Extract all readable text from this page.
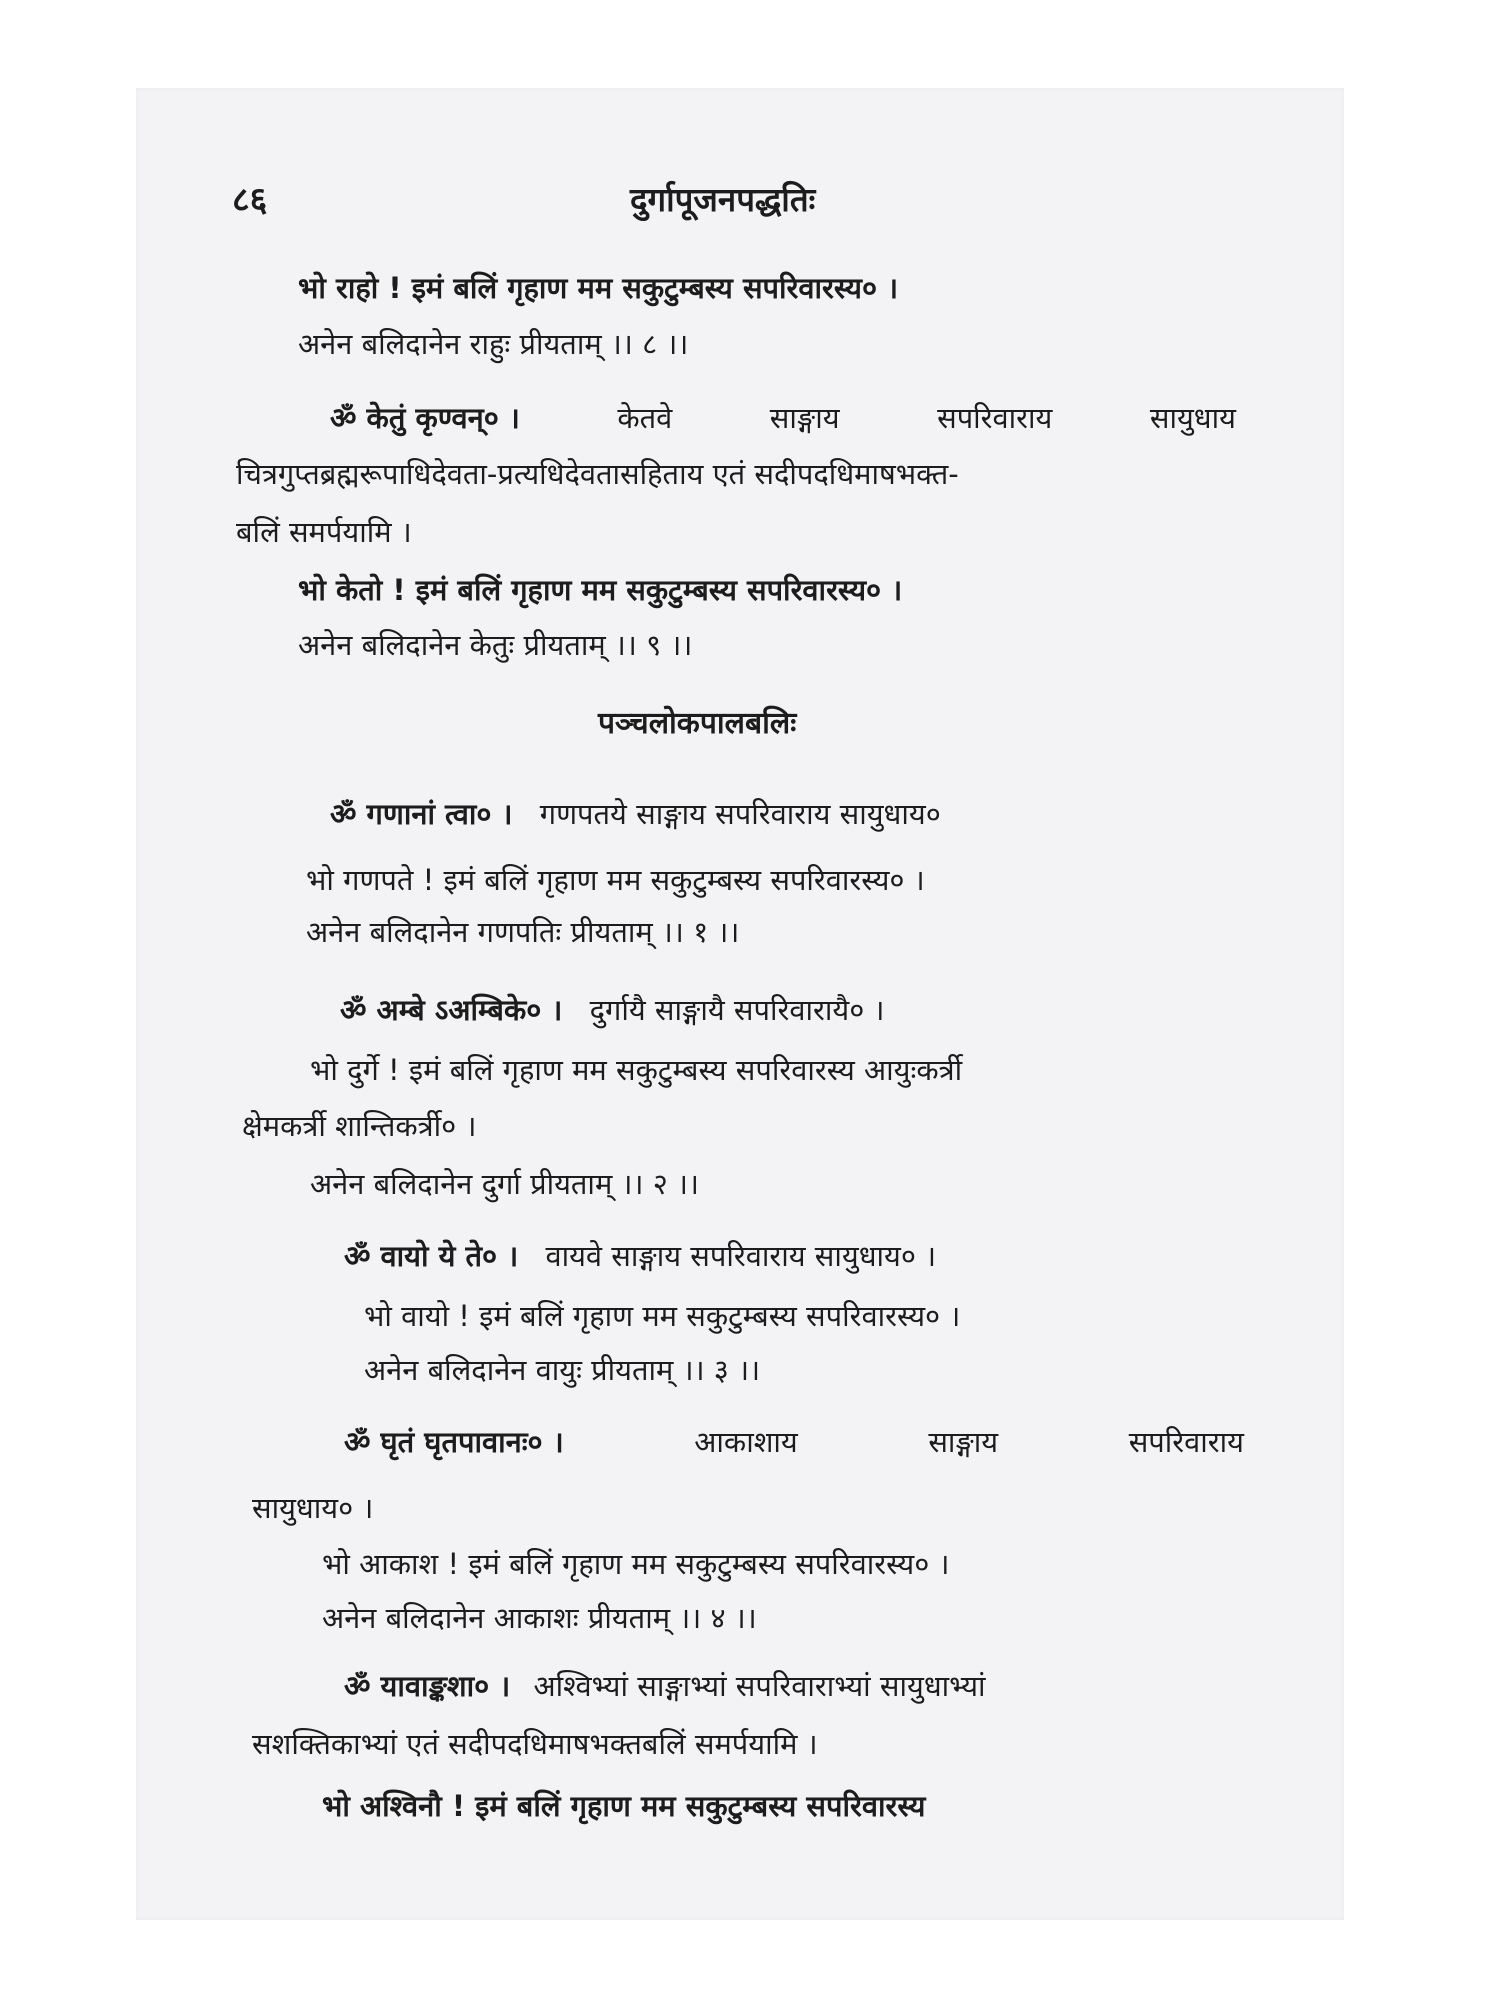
८६	दुर्गापूजनपद्धतिः
भो राहो ! इमं बलिं गृहाण मम सकुटुम्बस्य सपरिवारस्य० ।
अनेन बलिदानेन राहुः प्रीयताम् ।। ८ ।।
ॐ केतुं कृण्वन्० ।	केतवे	साङ्गाय	सपरिवाराय	सायुधाय
चित्रगुप्तब्रह्मरूपाधिदेवता-प्रत्यधिदेवतासहिताय एतं सदीपदधिमाषभक्त-
बलिं समर्पयामि ।
भो केतो ! इमं बलिं गृहाण मम सकुटुम्बस्य सपरिवारस्य० ।
अनेन बलिदानेन केतुः प्रीयताम् ।। ९ ।।
पञ्चलोकपालबलिः
ॐ गणानां त्वा० । गणपतये साङ्गाय सपरिवाराय सायुधाय०
भो गणपते ! इमं बलिं गृहाण मम सकुटुम्बस्य सपरिवारस्य० ।
अनेन बलिदानेन गणपतिः प्रीयताम् ।। १ ।।
ॐ अम्बे ऽअम्बिके० । दुर्गायै साङ्गायै सपरिवारायै० ।
भो दुर्गे ! इमं बलिं गृहाण मम सकुटुम्बस्य सपरिवारस्य आयुःकर्त्री
क्षेमकर्त्री शान्तिकर्त्री० ।
अनेन बलिदानेन दुर्गा प्रीयताम् ।। २ ।।
ॐ वायो ये ते० । वायवे साङ्गाय सपरिवाराय सायुधाय० ।
भो वायो ! इमं बलिं गृहाण मम सकुटुम्बस्य सपरिवारस्य० ।
अनेन बलिदानेन वायुः प्रीयताम् ।। ३ ।।
ॐ घृतं घृतपावानः० ।	आकाशाय	साङ्गाय	सपरिवाराय
सायुधाय० ।
भो आकाश ! इमं बलिं गृहाण मम सकुटुम्बस्य सपरिवारस्य० ।
अनेन बलिदानेन आकाशः प्रीयताम् ।। ४ ।।
ॐ यावाङ्कशा० । अश्विभ्यां साङ्गाभ्यां सपरिवाराभ्यां सायुधाभ्यां
सशक्तिकाभ्यां एतं सदीपदधिमाषभक्तबलिं समर्पयामि ।
भो अश्विनौ ! इमं बलिं गृहाण मम सकुटुम्बस्य सपरिवारस्य
